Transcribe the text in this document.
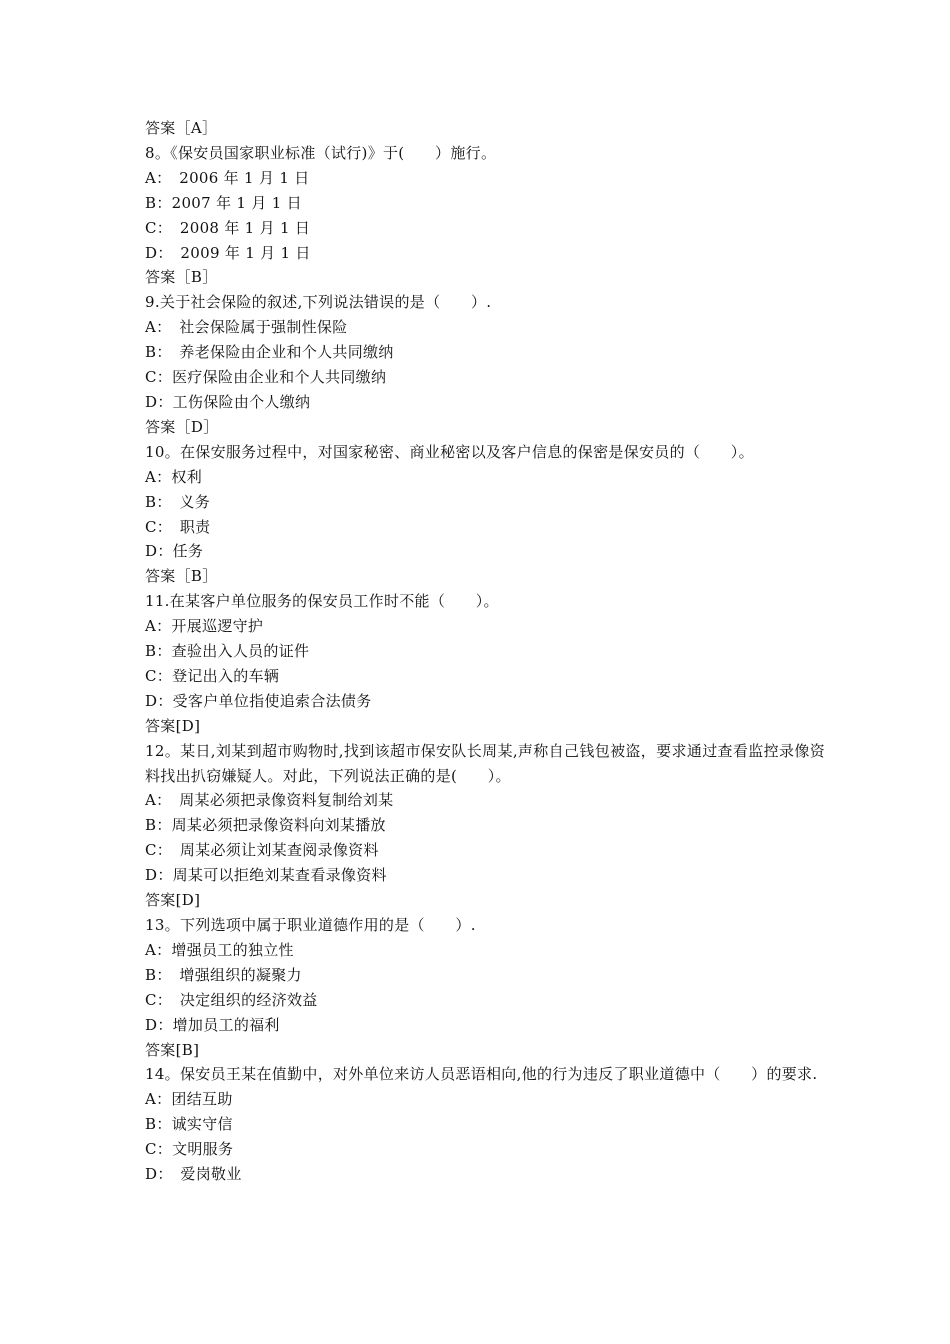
答案［A］
8。《保安员国家职业标准（试行)》于(　　）施行。
A：　2006 年 1 月 1 日
B：2007 年 1 月 1 日
C：　2008 年 1 月 1 日
D：　2009 年 1 月 1 日
答案［B］
9.关于社会保险的叙述,下列说法错误的是（　　）.
A：　社会保险属于强制性保险
B：　养老保险由企业和个人共同缴纳
C：医疗保险由企业和个人共同缴纳
D：工伤保险由个人缴纳
答案［D］
10。在保安服务过程中，对国家秘密、商业秘密以及客户信息的保密是保安员的（　　）。
A：权利
B：　义务
C：　职责
D：任务
答案［B］
11.在某客户单位服务的保安员工作时不能（　　）。
A：开展巡逻守护
B：查验出入人员的证件
C：登记出入的车辆
D：受客户单位指使追索合法债务
答案[D]
12。某日,刘某到超市购物时,找到该超市保安队长周某,声称自己钱包被盗，要求通过查看监控录像资料找出扒窃嫌疑人。对此，下列说法正确的是(　　）。
A：　周某必须把录像资料复制给刘某
B：周某必须把录像资料向刘某播放
C：　周某必须让刘某查阅录像资料
D：周某可以拒绝刘某查看录像资料
答案[D]
13。下列选项中属于职业道德作用的是（　　）.
A：增强员工的独立性
B：　增强组织的凝聚力
C：　决定组织的经济效益
D：增加员工的福利
答案[B]
14。保安员王某在值勤中，对外单位来访人员恶语相向,他的行为违反了职业道德中（　　）的要求.
A：团结互助
B：诚实守信
C：文明服务
D：　爱岗敬业
